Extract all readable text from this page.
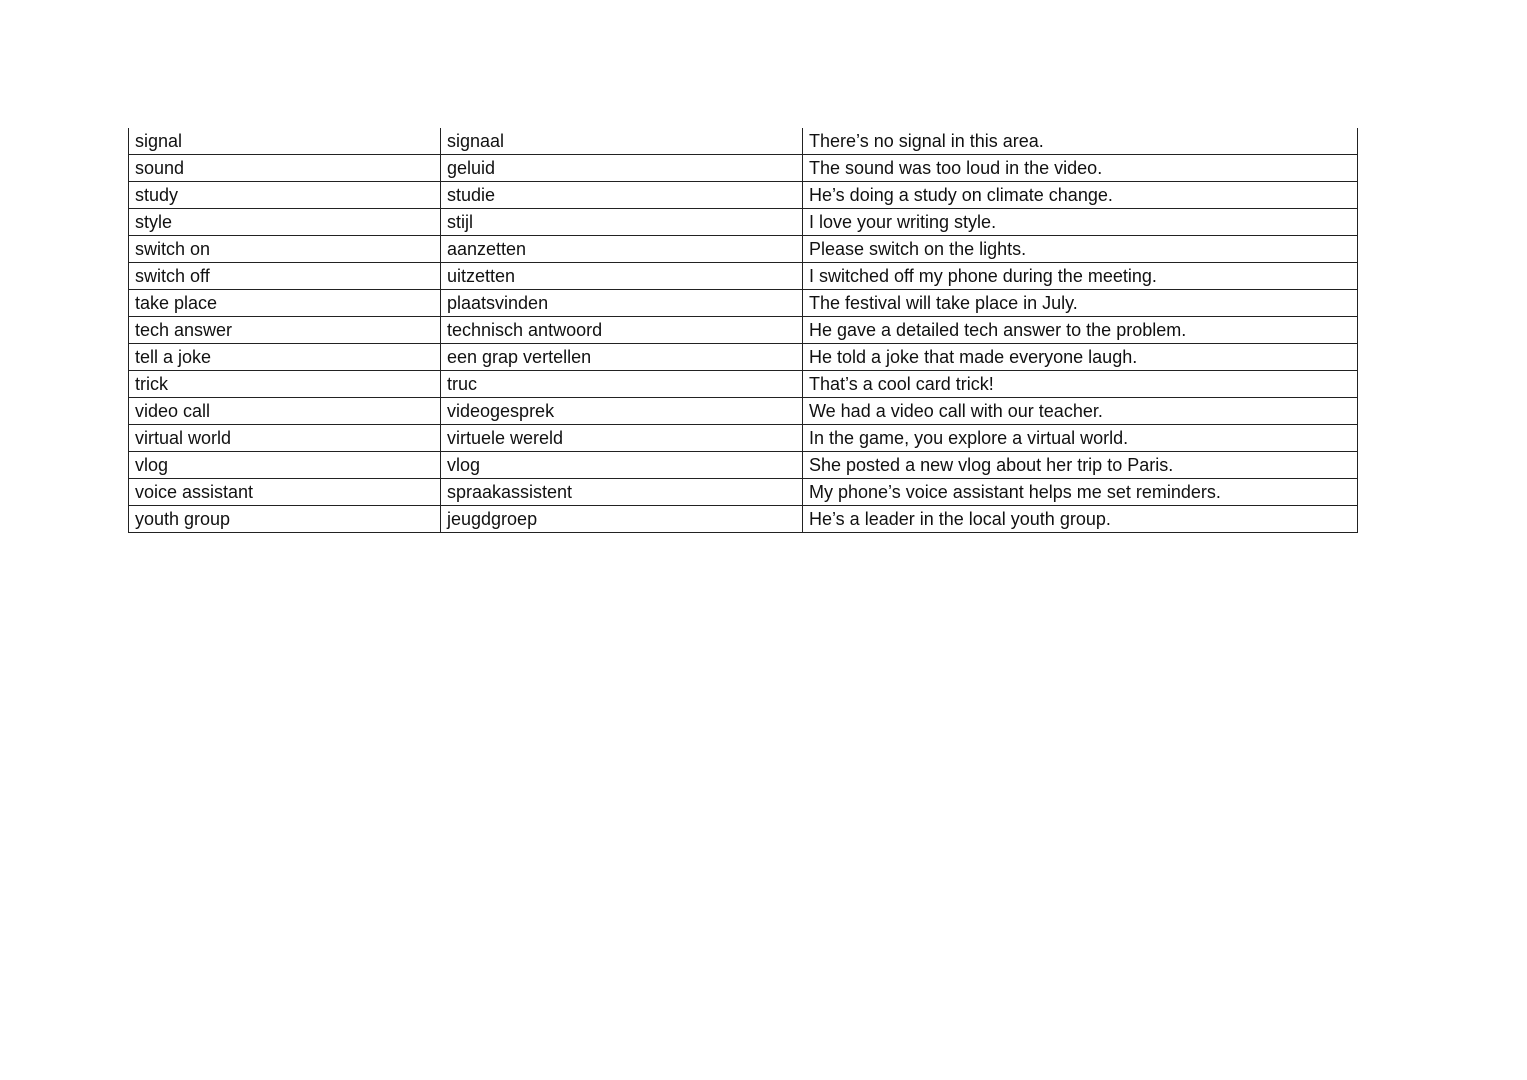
signal	signaal	There’s no signal in this area.
sound	geluid	The sound was too loud in the video.
study	studie	He’s doing a study on climate change.
style	stijl	I love your writing style.
switch on	aanzetten	Please switch on the lights.
switch off	uitzetten	I switched off my phone during the meeting.
take place	plaatsvinden	The festival will take place in July.
tech answer	technisch antwoord	He gave a detailed tech answer to the problem.
tell a joke	een grap vertellen	He told a joke that made everyone laugh.
trick	truc	That’s a cool card trick!
video call	videogesprek	We had a video call with our teacher.
virtual world	virtuele wereld	In the game, you explore a virtual world.
vlog	vlog	She posted a new vlog about her trip to Paris.
voice assistant	spraakassistent	My phone’s voice assistant helps me set reminders.
youth group	jeugdgroep	He’s a leader in the local youth group.
